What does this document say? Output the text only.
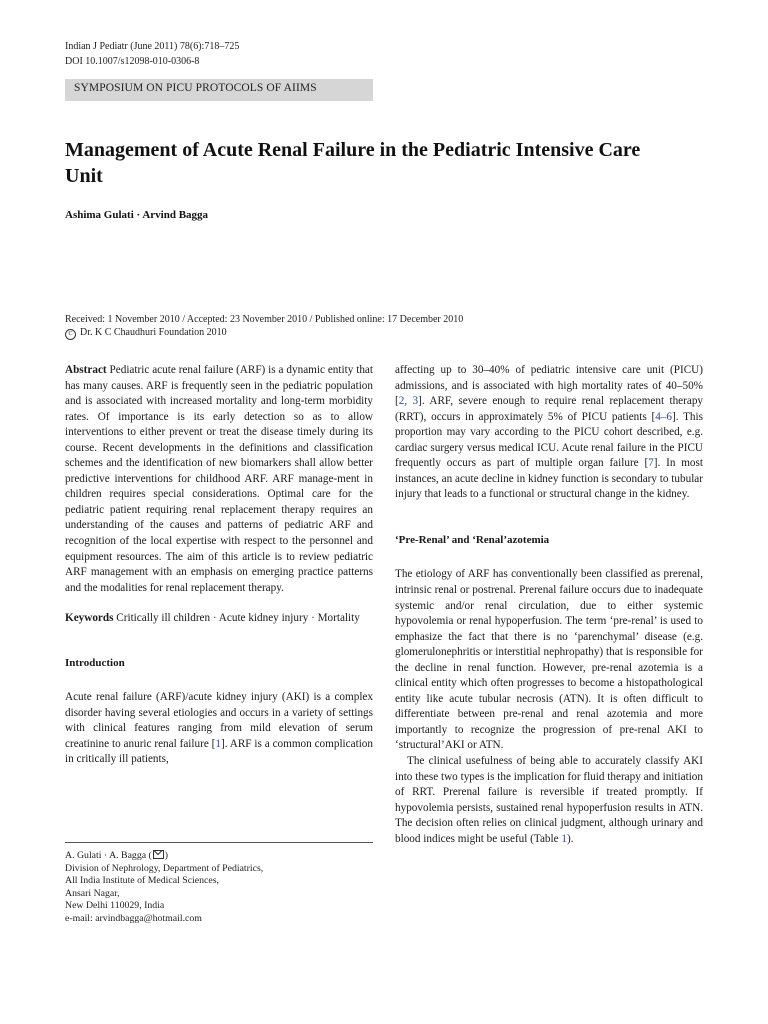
Indian J Pediatr (June 2011) 78(6):718–725
DOI 10.1007/s12098-010-0306-8
SYMPOSIUM ON PICU PROTOCOLS OF AIIMS
Management of Acute Renal Failure in the Pediatric Intensive Care Unit
Ashima Gulati · Arvind Bagga
Received: 1 November 2010 / Accepted: 23 November 2010 / Published online: 17 December 2010
C Dr. K C Chaudhuri Foundation 2010

Abstract Pediatric acute renal failure (ARF) is a dynamic entity that has many causes. ARF is frequently seen in the pediatric population and is associated with increased mortality and long-term morbidity rates. Of importance is its early detection so as to allow interventions to either prevent or treat the disease timely during its course. Recent developments in the definitions and classification schemes and the identification of new biomarkers shall allow better predictive interventions for childhood ARF. ARF manage-ment in children requires special considerations. Optimal care for the pediatric patient requiring renal replacement therapy requires an understanding of the causes and patterns of pediatric ARF and recognition of the local expertise with respect to the personnel and equipment resources. The aim of this article is to review pediatric ARF management with an emphasis on emerging practice patterns and the modalities for renal replacement therapy.

Keywords Critically ill children · Acute kidney injury · Mortality

Introduction

Acute renal failure (ARF)/acute kidney injury (AKI) is a complex disorder having several etiologies and occurs in a variety of settings with clinical features ranging from mild elevation of serum creatinine to anuric renal failure [1]. ARF is a common complication in critically ill patients,

affecting up to 30–40% of pediatric intensive care unit (PICU) admissions, and is associated with high mortality rates of 40–50% [2, 3]. ARF, severe enough to require renal replacement therapy (RRT), occurs in approximately 5% of PICU patients [4–6]. This proportion may vary according to the PICU cohort described, e.g. cardiac surgery versus medical ICU. Acute renal failure in the PICU frequently occurs as part of multiple organ failure [7]. In most instances, an acute decline in kidney function is secondary to tubular injury that leads to a functional or structural change in the kidney.

‘Pre-Renal’ and ‘Renal’azotemia

The etiology of ARF has conventionally been classified as prerenal, intrinsic renal or postrenal. Prerenal failure occurs due to inadequate systemic and/or renal circulation, due to either systemic hypovolemia or renal hypoperfusion. The term ‘pre-renal’ is used to emphasize the fact that there is no ‘parenchymal’ disease (e.g. glomerulonephritis or interstitial nephropathy) that is responsible for the decline in renal function. However, pre-renal azotemia is a clinical entity which often progresses to become a histopathological entity like acute tubular necrosis (ATN). It is often difficult to differentiate between pre-renal and renal azotemia and more importantly to recognize the progression of pre-renal AKI to ‘structural’AKI or ATN.

The clinical usefulness of being able to accurately classify AKI into these two types is the implication for fluid therapy and initiation of RRT. Prerenal failure is reversible if treated promptly. If hypovolemia persists, sustained renal hypoperfusion results in ATN. The decision often relies on clinical judgment, although urinary and blood indices might be useful (Table 1).

A. Gulati · A. Bagga ( )
Division of Nephrology, Department of Pediatrics,
All India Institute of Medical Sciences,
Ansari Nagar,
New Delhi 110029, India
e-mail: arvindbagga@hotmail.com
